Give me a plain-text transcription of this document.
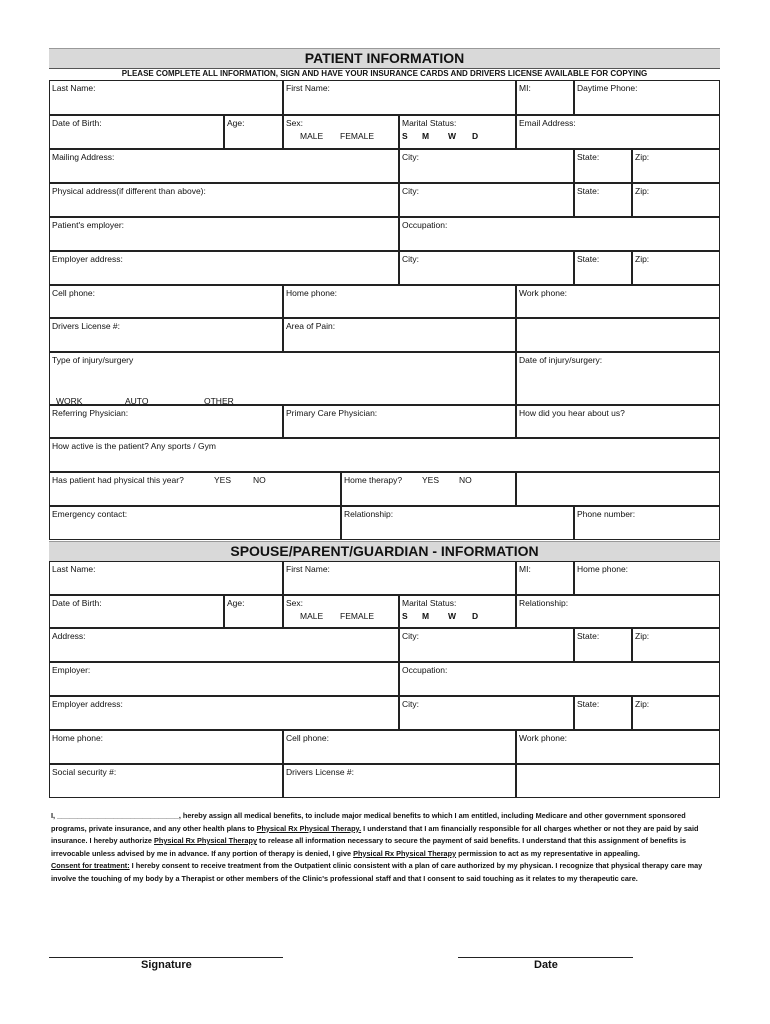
PATIENT INFORMATION
PLEASE COMPLETE ALL INFORMATION, SIGN AND HAVE YOUR INSURANCE CARDS AND DRIVERS LICENSE AVAILABLE FOR COPYING
Last Name:	First Name:	MI:	Daytime Phone:
Date of Birth:	Age:	Sex:
MALE FEMALE
Marital Status:
S M W D
Email Address:
Mailing Address:	City:	State:	Zip:
Physical address(if different than above):	City:	State:	Zip:
Patient's employer:	Occupation:
Employer address:	City:	State:	Zip:
Cell phone:	Home phone:	Work phone:
Drivers License #:	Area of Pain:
Type of injury/surgery
WORK	AUTO	OTHER
Date of injury/surgery:
Referring Physician:	Primary Care Physician:	How did you hear about us?
How active is the patient? Any sports / Gym
Has patient had physical this year?	YES	NO	Home therapy? YES NO
Emergency contact:	Relationship:	Phone number:
SPOUSE/PARENT/GUARDIAN - INFORMATION
Last Name:	First Name:	MI:	Home phone:
Date of Birth:	Age:	Sex:
MALE FEMALE
Marital Status:
S M W D
Relationship:
Address:	City:	State:	Zip:
Employer:	Occupation:
Employer address:	City:	State:	Zip:
Home phone:	Cell phone:	Work phone:
Social security #:	Drivers License #:
I, ______________________________, hereby assign all medical benefits, to include major medical benefits to which I am entitled, including Medicare and other government sponsored programs, private insurance, and any other health plans to Physical Rx Physical Therapy. I understand that I am financially responsible for all charges whether or not they are paid by said insurance. I hereby authorize Physical Rx Physical Therapy to release all information necessary to secure the payment of said benefits. I understand that this assignment of benefits is irrevocable unless advised by me in advance. If any portion of therapy is denied, I give Physical Rx Physical Therapy permission to act as my representative in appealing.
Consent for treatment: I hereby consent to receive treatment from the Outpatient clinic consistent with a plan of care authorized by my physican. I recognize that physical therapy care may involve the touching of my body by a Therapist or other members of the Clinic's professional staff and that I consent to said touching as it relates to my therapeutic care.
Signature	Date
